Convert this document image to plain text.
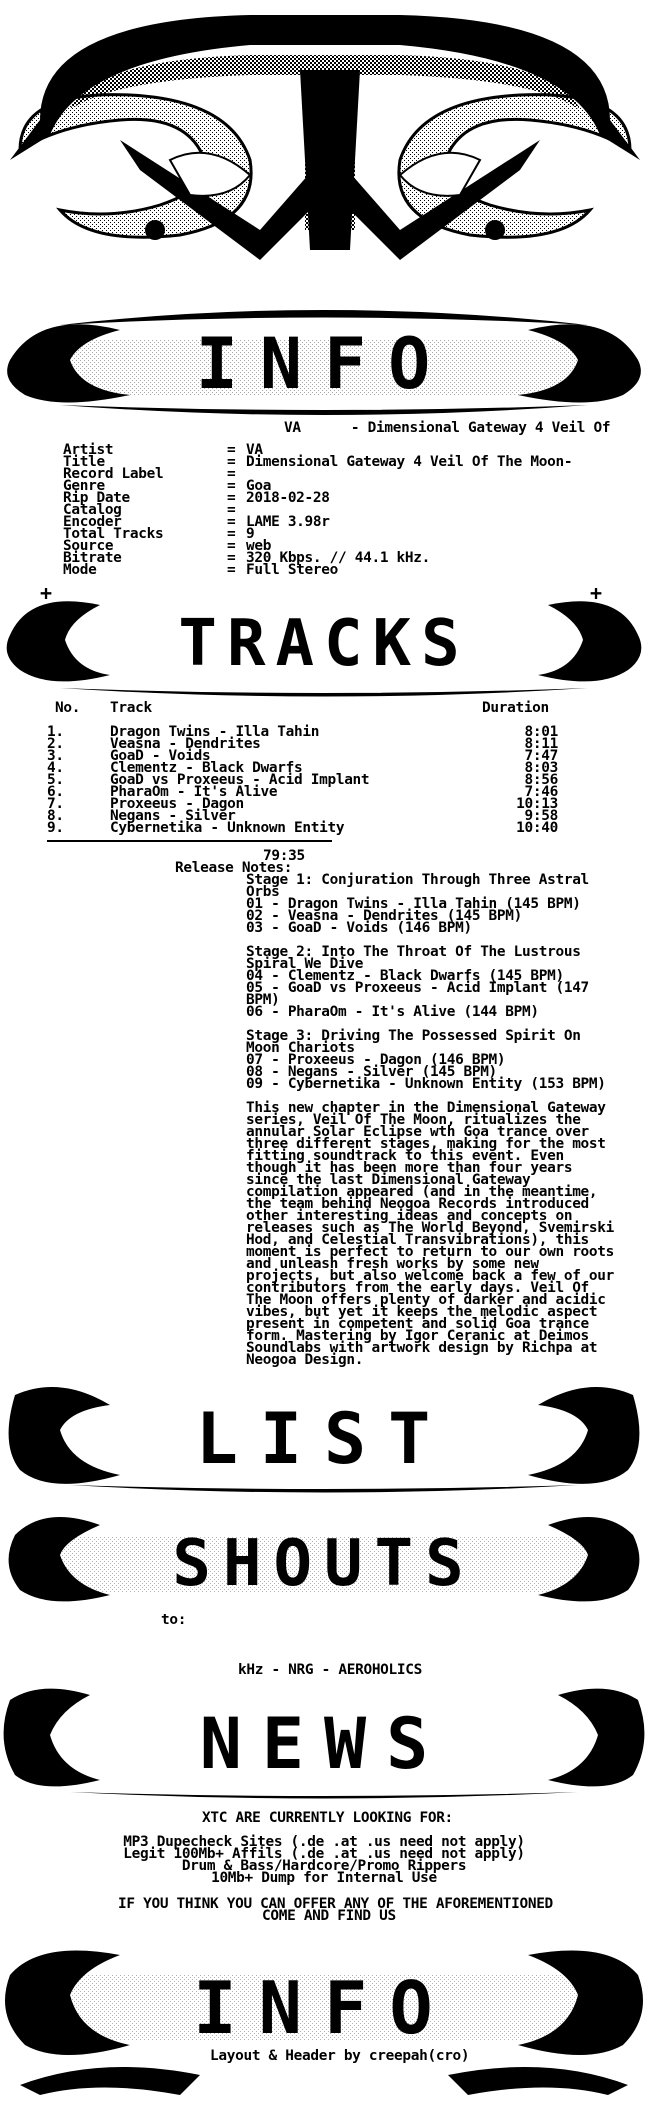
INFO
VA      - Dimensional Gateway 4 Veil Of
Artist	= VA
Title	= Dimensional Gateway 4 Veil Of The Moon-
Record Label	=
Genre	= Goa
Rip Date	= 2018-02-28
Catalog	=
Encoder	= LAME 3.98r
Total Tracks	= 9
Source	= web
Bitrate	= 320 Kbps. // 44.1 kHz.
Mode	= Full Stereo
+	+
TRACKS
No. Track	Duration
1.	Dragon Twins - Illa Tahin	8:01
2.	Veasna - Dendrites	8:11
3.	GoaD - Voids	7:47
4.	Clementz - Black Dwarfs	8:03
5.	GoaD vs Proxeeus - Acid Implant	8:56
6.	PharaOm - It's Alive	7:46
7.	Proxeeus - Dagon	10:13
8.	Negans - Silver	9:58
9.	Cybernetika - Unknown Entity	10:40
79:35
Release Notes:
Stage 1: Conjuration Through Three Astral
Orbs
01 - Dragon Twins - Illa Tahin (145 BPM)
02 - Veasna - Dendrites (145 BPM)
03 - GoaD - Voids (146 BPM)
Stage 2: Into The Throat Of The Lustrous
Spiral We Dive
04 - Clementz - Black Dwarfs (145 BPM)
05 - GoaD vs Proxeeus - Acid Implant (147
BPM)
06 - PharaOm - It's Alive (144 BPM)
Stage 3: Driving The Possessed Spirit On
Moon Chariots
07 - Proxeeus - Dagon (146 BPM)
08 - Negans - Silver (145 BPM)
09 - Cybernetika - Unknown Entity (153 BPM)
This new chapter in the Dimensional Gateway
series, Veil Of The Moon, ritualizes the
annular Solar Eclipse wth Goa trance over
three different stages, making for the most
fitting soundtrack to this event. Even
though it has been more than four years
since the last Dimensional Gateway
compilation appeared (and in the meantime,
the team behind Neogoa Records introduced
other interesting ideas and concepts on
releases such as The World Beyond, Svemirski
Hod, and Celestial Transvibrations), this
moment is perfect to return to our own roots
and unleash fresh works by some new
projects, but also welcome back a few of our
contributors from the early days. Veil Of
The Moon offers plenty of darker and acidic
vibes, but yet it keeps the melodic aspect
present in competent and solid Goa trance
form. Mastering by Igor Ceranic at Deimos
Soundlabs with artwork design by Richpa at
Neogoa Design.
LIST
SHOUTS
to:
kHz - NRG - AEROHOLICS
NEWS
XTC ARE CURRENTLY LOOKING FOR:
MP3 Dupecheck Sites (.de .at .us need not apply)
Legit 100Mb+ Affils (.de .at .us need not apply)
Drum & Bass/Hardcore/Promo Rippers
10Mb+ Dump for Internal Use
IF YOU THINK YOU CAN OFFER ANY OF THE AFOREMENTIONED
COME AND FIND US
INFO
Layout & Header by creepah(cro)
